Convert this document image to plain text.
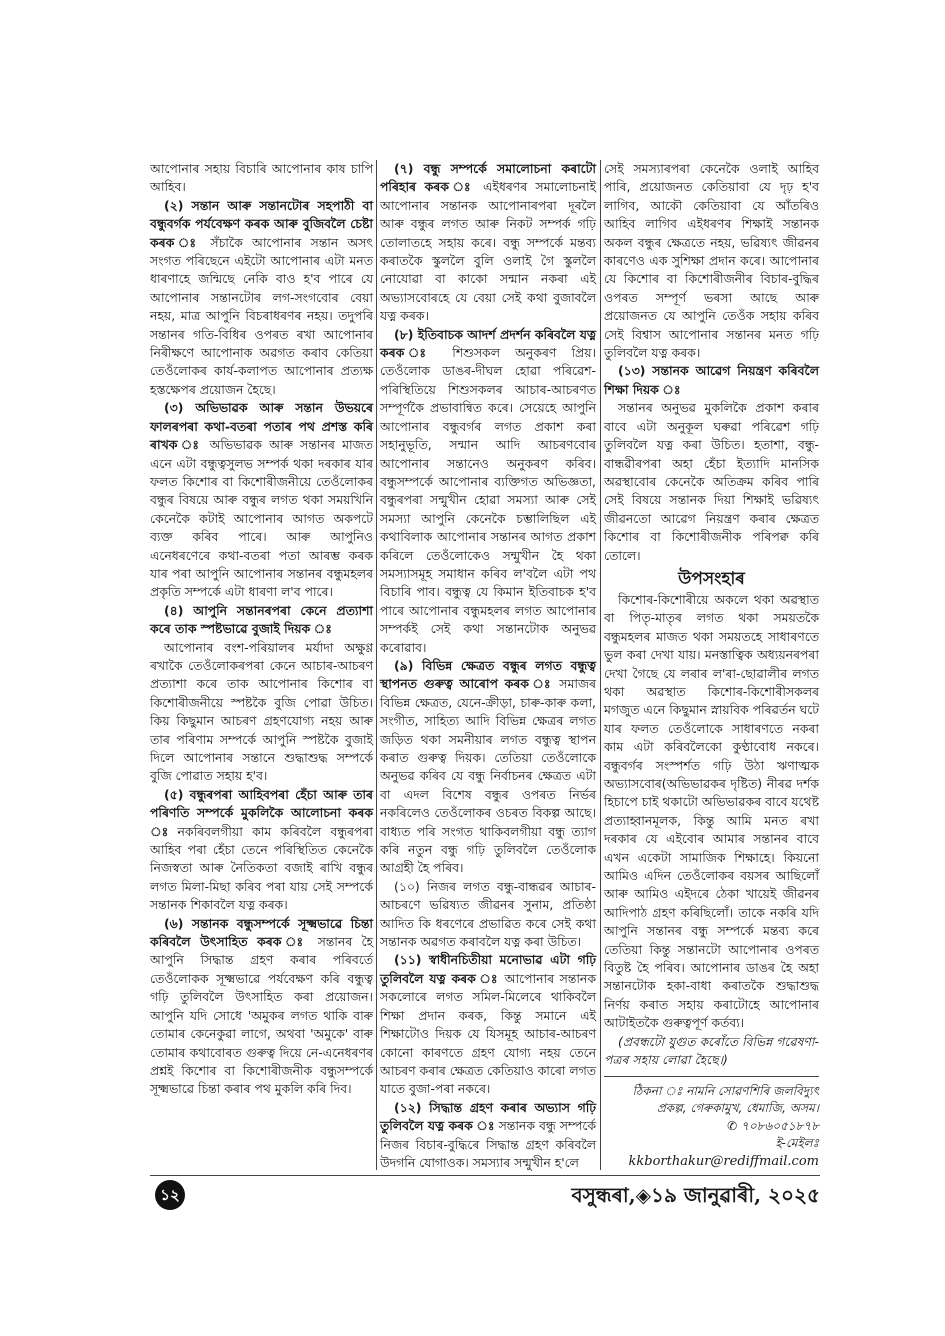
আপোনাৰ সহায় বিচাৰি আপোনাৰ কাষ চাপি আহিব।

(২) সন্তান আৰু সন্তানটোৰ সহপাঠী বা বন্ধুবৰ্গক পৰ্যবেক্ষণ কৰক আৰু বুজিবলৈ চেষ্টা কৰক ঃ সঁচাকৈ আপোনাৰ সন্তান অসৎ সংগত পৰিছেনে এইটো আপোনাৰ এটা মনত ধাৰণাহে জন্মিছে নেকি বাও হ'ব পাৰে যে আপোনাৰ সন্তানটোৰ লগ-সংগবোৰ বেয়া নহয়, মাত্ৰ আপুনি বিচৰাধৰণৰ নহয়। তদুপৰি সন্তানৰ গতি-বিধিৰ ওপৰত ৰখা আপোনাৰ নিৰীক্ষণে আপোনাক অৱগত কৰাব কেতিয়া তেওঁলোকৰ কাৰ্য-কলাপত আপোনাৰ প্ৰত্যক্ষ হস্তক্ষেপৰ প্ৰয়োজন হৈছে।

(৩) অভিভাৱক আৰু সন্তান উভয়ৰে ফালৰপৰা কথা-বতৰা পতাৰ পথ প্ৰশস্ত কৰি ৰাখক ঃ অভিভাৱক আৰু সন্তানৰ মাজত এনে এটা বন্ধুত্বসুলভ সম্পৰ্ক থকা দৰকাৰ যাৰ ফলত কিশোৰ বা কিশোৰীজনীয়ে তেওঁলোকৰ বন্ধুৰ বিষয়ে আৰু বন্ধুৰ লগত থকা সময়খিনি কেনেকৈ কটাই আপোনাৰ আগত অকপটে ব্যক্ত কৰিব পাৰে। আৰু আপুনিও এনেধৰণেৰে কথা-বতৰা পতা আৰম্ভ কৰক যাৰ পৰা আপুনি আপোনাৰ সন্তানৰ বন্ধুমহলৰ প্ৰকৃতি সম্পৰ্কে এটা ধাৰণা ল'ব পাৰে।

(৪) আপুনি সন্তানৰপৰা কেনে প্ৰত্যাশা কৰে তাক স্পষ্টভাৱে বুজাই দিয়ক ঃ

আপোনাৰ বংশ-পৰিয়ালৰ মৰ্যাদা অক্ষুণ্ণ ৰখাকৈ তেওঁলোকৰপৰা কেনে আচাৰ-আচৰণ প্ৰত্যাশা কৰে তাক আপোনাৰ কিশোৰ বা কিশোৰীজনীয়ে স্পষ্টকৈ বুজি পোৱা উচিত। কিয় কিছুমান আচৰণ গ্ৰহণযোগ্য নহয় আৰু তাৰ পৰিণাম সম্পৰ্কে আপুনি স্পষ্টকৈ বুজাই দিলে আপোনাৰ সন্তানে শুদ্ধাশুদ্ধ সম্পৰ্কে বুজি পোৱাত সহায় হ'ব।

(৫) বন্ধুৰপৰা আহিবপৰা হেঁচা আৰু তাৰ পৰিণতি সম্পৰ্কে মুকলিকৈ আলোচনা কৰক ঃ নকৰিবলগীয়া কাম কৰিবলৈ বন্ধুৰপৰা আহিব পৰা হেঁচা তেনে পৰিস্থিতিত কেনেকৈ নিজস্বতা আৰু নৈতিকতা বজাই ৰাখি বন্ধুৰ লগত মিলা-মিছা কৰিব পৰা যায় সেই সম্পৰ্কে সন্তানক শিকাবলৈ যত্ন কৰক।

(৬) সন্তানক বন্ধুসম্পৰ্কে সূক্ষ্মভাৱে চিন্তা কৰিবলৈ উৎসাহিত কৰক ঃ সন্তানৰ হৈ আপুনি সিদ্ধান্ত গ্ৰহণ কৰাৰ পৰিবৰ্তে তেওঁলোকক সূক্ষ্মভাৱে পৰ্যবেক্ষণ কৰি বন্ধুত্ব গঢ়ি তুলিবলৈ উৎসাহিত কৰা প্ৰয়োজন। আপুনি যদি সোধে 'অমুকৰ লগত থাকি বাৰু তোমাৰ কেনেকুৱা লাগে, অথবা 'অমুকে' বাৰু তোমাৰ কথাবোৰত গুৰুত্ব দিয়ে নে-এনেধৰণৰ প্ৰশ্নই কিশোৰ বা কিশোৰীজনীক বন্ধুসম্পৰ্কে সূক্ষ্মভাৱে চিন্তা কৰাৰ পথ মুকলি কৰি দিব।

(৭) বন্ধু সম্পৰ্কে সমালোচনা কৰাটো পৰিহাৰ কৰক ঃ এইধৰণৰ সমালোচনাই আপোনাৰ সন্তানক আপোনাৰপৰা দূৰলৈ আৰু বন্ধুৰ লগত আৰু নিকট সম্পৰ্ক গঢ়ি তোলাতহে সহায় কৰে। বন্ধু সম্পৰ্কে মন্তব্য কৰাতকৈ স্কুললৈ বুলি ওলাই গৈ স্কুললৈ নোযোৱা বা কাকো সন্মান নকৰা এই অভ্যাসবোৰহে যে বেয়া সেই কথা বুজাবলৈ যত্ন কৰক।

(৮) ইতিবাচক আদৰ্শ প্ৰদৰ্শন কৰিবলৈ যত্ন কৰক ঃ শিশুসকল অনুকৰণ প্ৰিয়। তেওঁলোক ডাঙৰ-দীঘল হোৱা পৰিৱেশ-পৰিস্থিতিয়ে শিশুসকলৰ আচাৰ-আচৰণত সম্পূৰ্ণকৈ প্ৰভাবান্বিত কৰে। সেয়েহে আপুনি আপোনাৰ বন্ধুবৰ্গৰ লগত প্ৰকাশ কৰা সহানুভূতি, সন্মান আদি আচৰণবোৰ আপোনাৰ সন্তানেও অনুকৰণ কৰিব। বন্ধুসম্পৰ্কে আপোনাৰ ব্যক্তিগত অভিজ্ঞতা, বন্ধুৰপৰা সন্মুখীন হোৱা সমস্যা আৰু সেই সমস্যা আপুনি কেনেকৈ চম্ভালিছিল এই কথাবিলাক আপোনাৰ সন্তানৰ আগত প্ৰকাশ কৰিলে তেওঁলোকেও সন্মুখীন হৈ থকা সমস্যাসমূহ সমাধান কৰিব ল'বলৈ এটা পথ বিচাৰি পাব। বন্ধুত্ব যে কিমান ইতিবাচক হ'ব পাৰে আপোনাৰ বন্ধুমহলৰ লগত আপোনাৰ সম্পৰ্কই সেই কথা সন্তানটোক অনুভৱ কৰোৱাব।

(৯) বিভিন্ন ক্ষেত্ৰত বন্ধুৰ লগত বন্ধুত্ব স্থাপনত গুৰুত্ব আৰোপ কৰক ঃ সমাজৰ বিভিন্ন ক্ষেত্ৰত, যেনে-ক্ৰীড়া, চাৰু-কাৰু কলা, সংগীত, সাহিত্য আদি বিভিন্ন ক্ষেত্ৰৰ লগত জড়িত থকা সমনীয়াৰ লগত বন্ধুত্ব স্থাপন কৰাত গুৰুত্ব দিয়ক। তেতিয়া তেওঁলোকে অনুভৱ কৰিব যে বন্ধু নিৰ্বাচনৰ ক্ষেত্ৰত এটা বা এদল বিশেষ বন্ধুৰ ওপৰত নিৰ্ভৰ নকৰিলেও তেওঁলোকৰ ওচৰত বিকল্প আছে। বাধ্যত পৰি সংগত থাকিবলগীয়া বন্ধু ত্যাগ কৰি নতুন বন্ধু গঢ়ি তুলিবলৈ তেওঁলোক আগ্ৰহী হৈ পৰিব।

(১০) নিজৰ লগত বন্ধু-বান্ধৱৰ আচাৰ-আচৰণে ভৱিষ্যত জীৱনৰ সুনাম, প্ৰতিষ্ঠা আদিত কি ধৰণেৰে প্ৰভাৱিত কৰে সেই কথা সন্তানক অৱগত কৰাবলৈ যত্ন কৰা উচিত।

(১১) স্বাধীনচিতীয়া মনোভাৱ এটা গঢ়ি তুলিবলৈ যত্ন কৰক ঃ আপোনাৰ সন্তানক সকলোৰে লগত সমিল-মিলেৰে থাকিবলৈ শিক্ষা প্ৰদান কৰক, কিন্তু সমানে এই শিক্ষাটোও দিয়ক যে যিসমূহ আচাৰ-আচৰণ কোনো কাৰণতে গ্ৰহণ যোগ্য নহয় তেনে আচৰণ কৰাৰ ক্ষেত্ৰত কেতিয়াও কাৰো লগত যাতে বুজা-পৰা নকৰে।

(১২) সিদ্ধান্ত গ্ৰহণ কৰাৰ অভ্যাস গঢ়ি তুলিবলৈ যত্ন কৰক ঃ সন্তানক বন্ধু সম্পৰ্কে নিজৰ বিচাৰ-বুদ্ধিৰে সিদ্ধান্ত গ্ৰহণ কৰিবলৈ উদগনি যোগাওক। সমস্যাৰ সন্মুখীন হ'লে

সেই সমস্যাৰপৰা কেনেকৈ ওলাই আহিব পাৰি, প্ৰয়োজনত কেতিয়াবা যে দৃঢ় হ'ব লাগিব, আকৌ কেতিয়াবা যে আঁতৰিও আহিব লাগিব এইধৰণৰ শিক্ষাই সন্তানক অকল বন্ধুৰ ক্ষেত্ৰতে নহয়, ভৱিষ্যৎ জীৱনৰ কাৰণেও এক সুশিক্ষা প্ৰদান কৰে। আপোনাৰ যে কিশোৰ বা কিশোৰীজনীৰ বিচাৰ-বুদ্ধিৰ ওপৰত সম্পূৰ্ণ ভৰসা আছে আৰু প্ৰয়োজনত যে আপুনি তেওঁক সহায় কৰিব সেই বিশ্বাস আপোনাৰ সন্তানৰ মনত গঢ়ি তুলিবলৈ যত্ন কৰক।

(১৩) সন্তানক আৱেগ নিয়ন্ত্ৰণ কৰিবলৈ শিক্ষা দিয়ক ঃ

সন্তানৰ অনুভৱ মুকলিকৈ প্ৰকাশ কৰাৰ বাবে এটা অনুকূল ঘৰুৱা পৰিৱেশ গঢ়ি তুলিবলৈ যত্ন কৰা উচিত। হতাশা, বন্ধু-বান্ধৱীৰপৰা অহা হেঁচা ইত্যাদি মানসিক অৱস্থাবোৰ কেনেকৈ অতিক্ৰম কৰিব পাৰি সেই বিষয়ে সন্তানক দিয়া শিক্ষাই ভৱিষ্যৎ জীৱনতো আৱেগ নিয়ন্ত্ৰণ কৰাৰ ক্ষেত্ৰত কিশোৰ বা কিশোৰীজনীক পৰিপক্ব কৰি তোলে।

উপসংহাৰ

কিশোৰ-কিশোৰীয়ে অকলে থকা অৱস্থাত বা পিতৃ-মাতৃৰ লগত থকা সময়তকৈ বন্ধুমহলৰ মাজত থকা সময়তহে সাধাৰণতে ভুল কৰা দেখা যায়। মনস্তাত্বিক অধ্যয়নৰপৰা দেখা গৈছে যে লৰাৰ ল'ৰা-ছোৱালীৰ লগত থকা অৱস্থাত কিশোৰ-কিশোৰীসকলৰ মগজুত এনে কিছুমান স্নায়বিক পৰিৱৰ্তন ঘটে যাৰ ফলত তেওঁলোকে সাধাৰণতে নকৰা কাম এটা কৰিবলৈকো কুণ্ঠাবোধ নকৰে। বন্ধুবৰ্গৰ সংস্পৰ্শত গঢ়ি উঠা ঋণাত্মক অভ্যাসবোৰ(অভিভাৱকৰ দৃষ্টিত) নীৰৱ দৰ্শক হিচাপে চাই থকাটো অভিভাৱকৰ বাবে যথেষ্ট প্ৰত্যাহ্বানমূলক, কিন্তু আমি মনত ৰখা দৰকাৰ যে এইবোৰ আমাৰ সন্তানৰ বাবে এখন একেটা সামাজিক শিক্ষাহে। কিয়নো আমিও এদিন তেওঁলোকৰ বয়সৰ আছিলোঁ আৰু আমিও এইদৰে ঠেকা খায়েই জীৱনৰ আদিপাঠ গ্ৰহণ কৰিছিলোঁ। তাকে নকৰি যদি আপুনি সন্তানৰ বন্ধু সম্পৰ্কে মন্তব্য কৰে তেতিয়া কিন্তু সন্তানটো আপোনাৰ ওপৰত বিতুষ্ট হৈ পৰিব। আপোনাৰ ডাঙৰ হৈ অহা সন্তানটোক হকা-বাধা কৰাতকৈ শুদ্ধাশুদ্ধ নিৰ্ণয় কৰাত সহায় কৰাটোহে আপোনাৰ আটাইতকৈ গুৰুত্বপূৰ্ণ কৰ্তব্য।

(প্ৰবন্ধটো যুগুত কৰোঁতে বিভিন্ন গৱেষণা-পত্ৰৰ সহায় লোৱা হৈছে।)

ঠিকনা ঃ নামনি সোৱণশিৰি জলবিদ্যুৎ
প্ৰকল্প, গেৰুকামুখ, ধেমাজি, অসম।
✆ ৭০৮৬০৫১৮৭৮
ই-মেইলঃ
kkborthakur@rediffmail.com
১২	বসুন্ধৰা,◈১৯ জানুৱাৰী, ২০২৫
